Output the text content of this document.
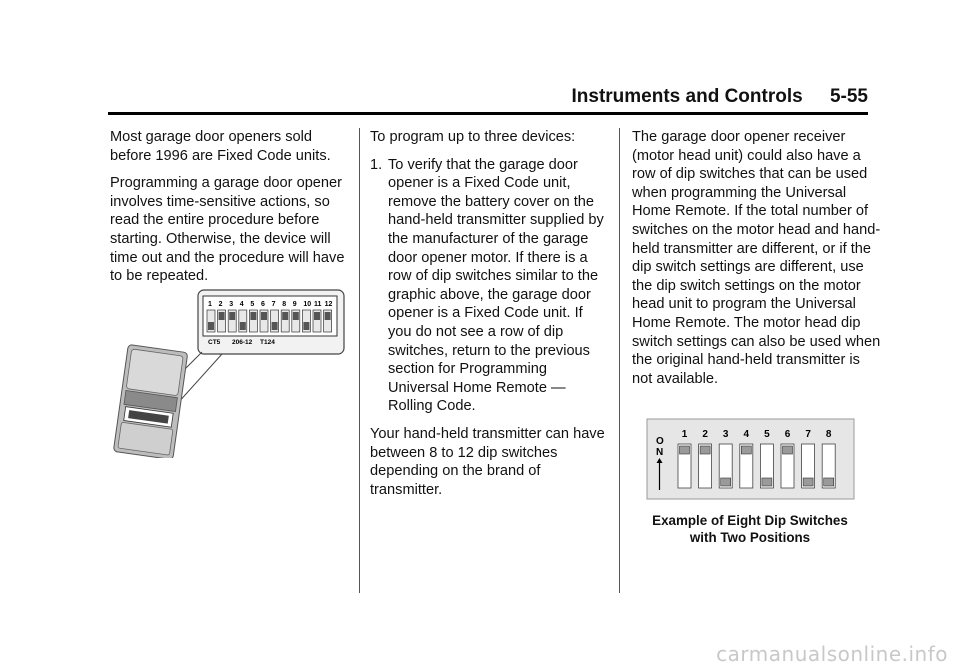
Instruments and Controls 5-55

Most garage door openers sold before 1996 are Fixed Code units.

Programming a garage door opener involves time-sensitive actions, so read the entire procedure before starting. Otherwise, the device will time out and the procedure will have to be repeated.

1 2 3 4 5 6 7 8 9 10 11 12
CT5 206-12 T124

To program up to three devices:

1. To verify that the garage door opener is a Fixed Code unit, remove the battery cover on the hand-held transmitter supplied by the manufacturer of the garage door opener motor. If there is a row of dip switches similar to the graphic above, the garage door opener is a Fixed Code unit. If you do not see a row of dip switches, return to the previous section for Programming Universal Home Remote — Rolling Code.

Your hand-held transmitter can have between 8 to 12 dip switches depending on the brand of transmitter.

The garage door opener receiver (motor head unit) could also have a row of dip switches that can be used when programming the Universal Home Remote. If the total number of switches on the motor head and hand-held transmitter are different, or if the dip switch settings are different, use the dip switch settings on the motor head unit to program the Universal Home Remote. The motor head dip switch settings can also be used when the original hand-held transmitter is not available.

O
N
1 2 3 4 5 6 7 8
Example of Eight Dip Switches
with Two Positions
carmanualsonline.info
